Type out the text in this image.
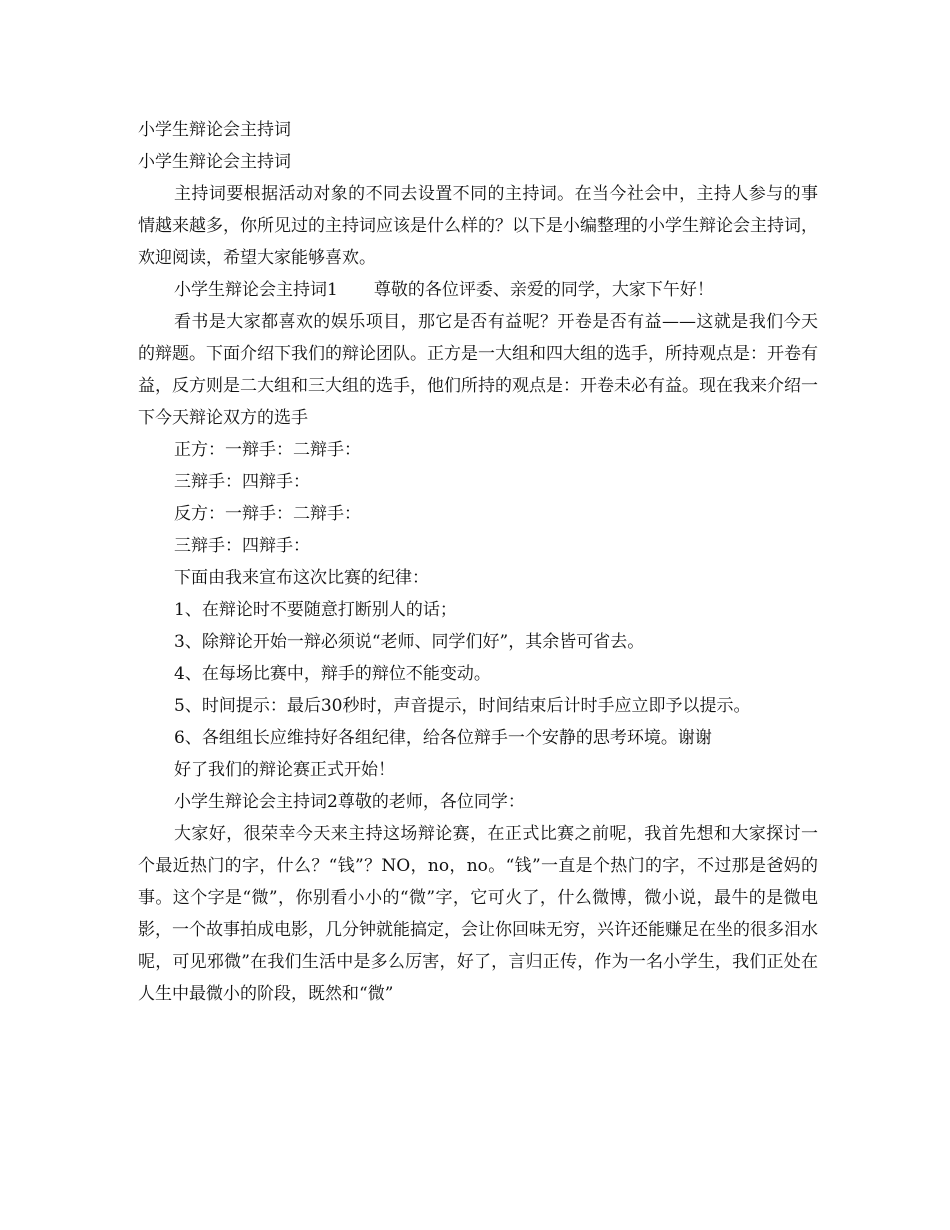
小学生辩论会主持词

小学生辩论会主持词

主持词要根据活动对象的不同去设置不同的主持词。在当今社会中，主持人参与的事情越来越多，你所见过的主持词应该是什么样的？以下是小编整理的小学生辩论会主持词，欢迎阅读，希望大家能够喜欢。

小学生辩论会主持词1 尊敬的各位评委、亲爱的同学，大家下午好！

看书是大家都喜欢的娱乐项目，那它是否有益呢？开卷是否有益——这就是我们今天的辩题。下面介绍下我们的辩论团队。正方是一大组和四大组的选手，所持观点是：开卷有益，反方则是二大组和三大组的选手，他们所持的观点是：开卷未必有益。现在我来介绍一下今天辩论双方的选手

正方：一辩手：二辩手：

三辩手：四辩手：

反方：一辩手：二辩手：

三辩手：四辩手：

下面由我来宣布这次比赛的纪律：

1、在辩论时不要随意打断别人的话；

3、除辩论开始一辩必须说“老师、同学们好”，其余皆可省去。

4、在每场比赛中，辩手的辩位不能变动。

5、时间提示：最后30秒时，声音提示，时间结束后计时手应立即予以提示。

6、各组组长应维持好各组纪律，给各位辩手一个安静的思考环境。谢谢

好了我们的辩论赛正式开始！

小学生辩论会主持词2尊敬的老师，各位同学：

大家好，很荣幸今天来主持这场辩论赛，在正式比赛之前呢，我首先想和大家探讨一个最近热门的字，什么？“钱”？NO，no，no。“钱”一直是个热门的字，不过那是爸妈的事。这个字是“微”，你别看小小的“微”字，它可火了，什么微博，微小说，最牛的是微电影，一个故事拍成电影，几分钟就能搞定，会让你回味无穷，兴许还能赚足在坐的很多泪水呢，可见邪微”在我们生活中是多么厉害，好了，言归正传，作为一名小学生，我们正处在人生中最微小的阶段，既然和“微”
